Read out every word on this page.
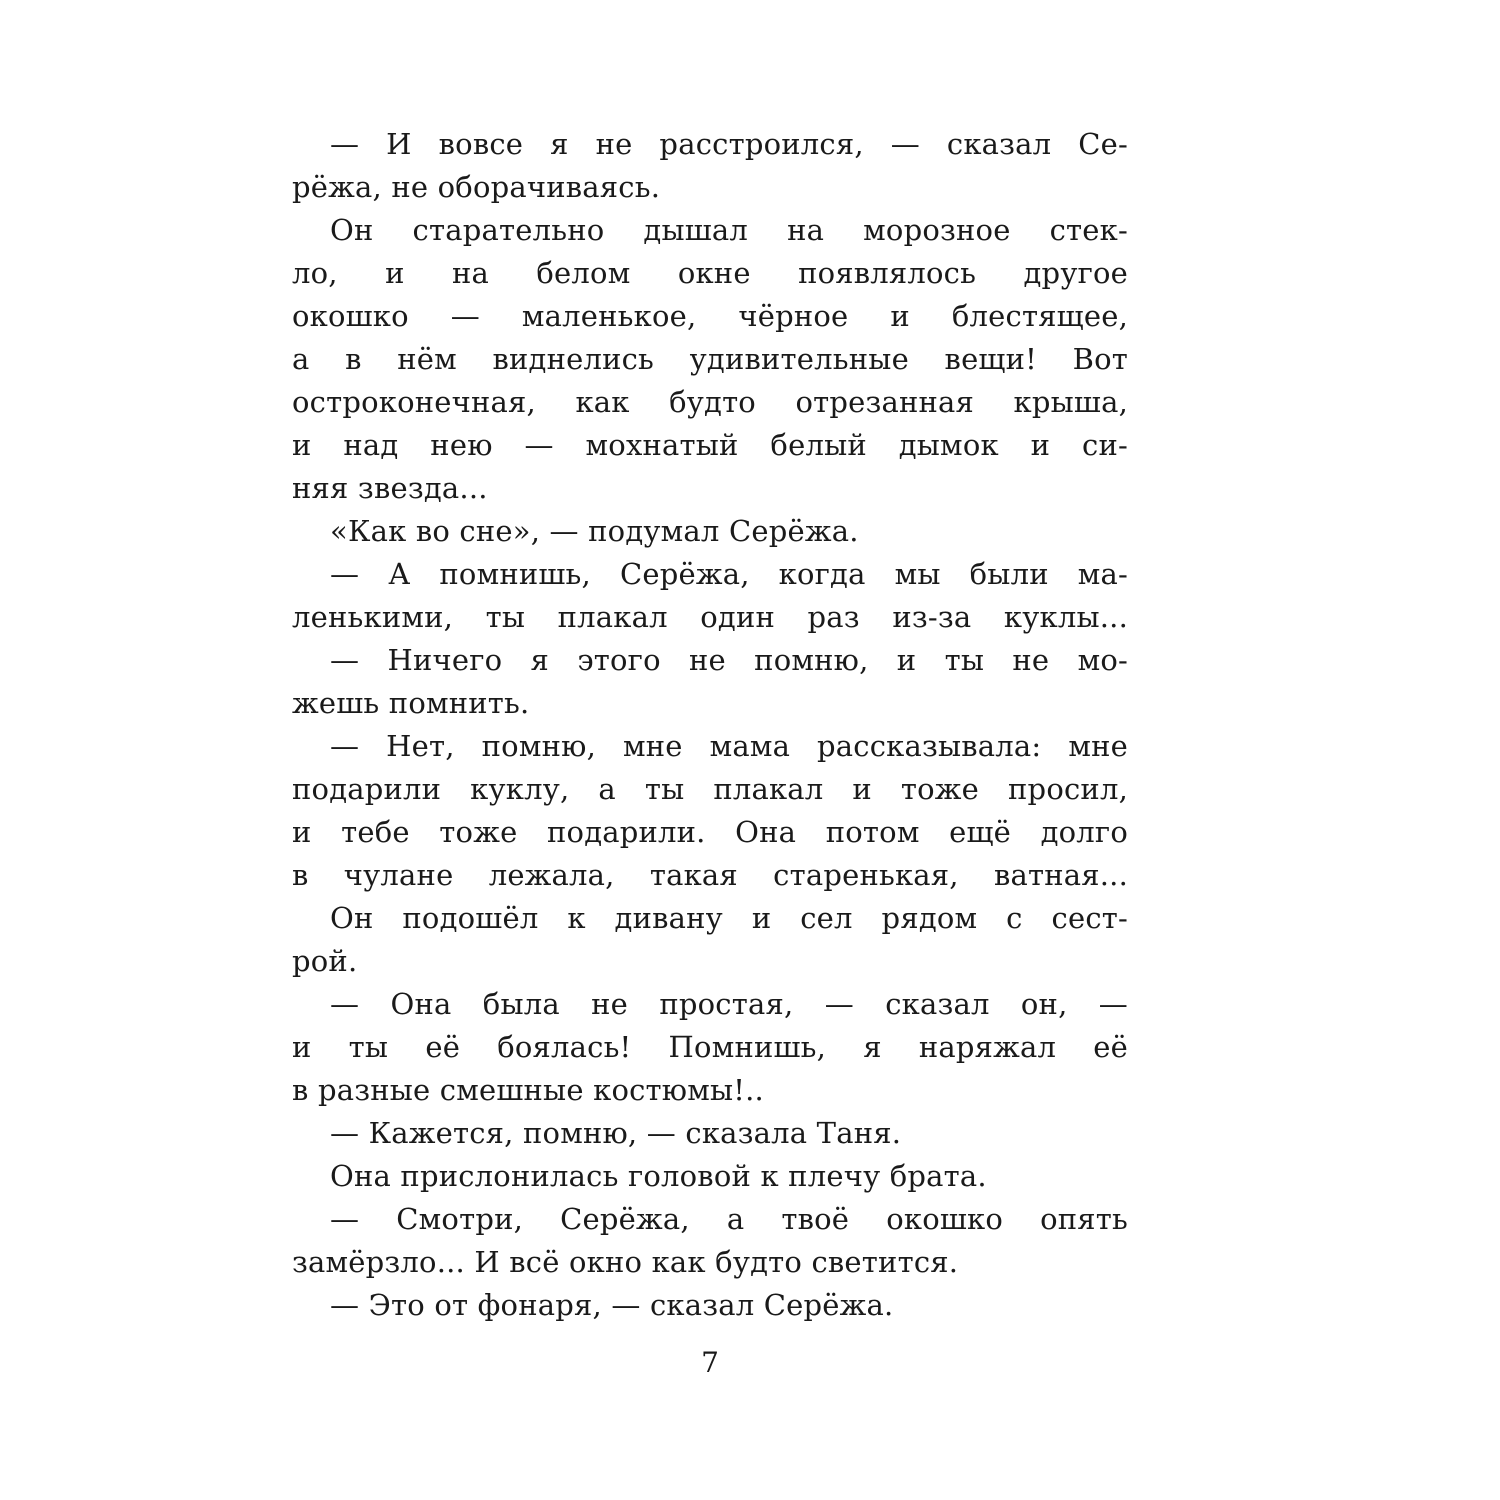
— И вовсе я не расстроился, — сказал Се-
рёжа, не оборачиваясь.
Он старательно дышал на морозное стек-
ло, и на белом окне появлялось другое
окошко — маленькое, чёрное и блестящее,
а в нём виднелись удивительные вещи! Вот
остроконечная, как будто отрезанная крыша,
и над нею — мохнатый белый дымок и си-
няя звезда...
«Как во сне», — подумал Серёжа.
— А помнишь, Серёжа, когда мы были ма-
ленькими, ты плакал один раз из-за куклы...
— Ничего я этого не помню, и ты не мо-
жешь помнить.
— Нет, помню, мне мама рассказывала: мне
подарили куклу, а ты плакал и тоже просил,
и тебе тоже подарили. Она потом ещё долго
в чулане лежала, такая старенькая, ватная...
Он подошёл к дивану и сел рядом с сест-
рой.
— Она была не простая, — сказал он, —
и ты её боялась! Помнишь, я наряжал её
в разные смешные костюмы!..
— Кажется, помню, — сказала Таня.
Она прислонилась головой к плечу брата.
— Смотри, Серёжа, а твоё окошко опять
замёрзло... И всё окно как будто светится.
— Это от фонаря, — сказал Серёжа.
7
